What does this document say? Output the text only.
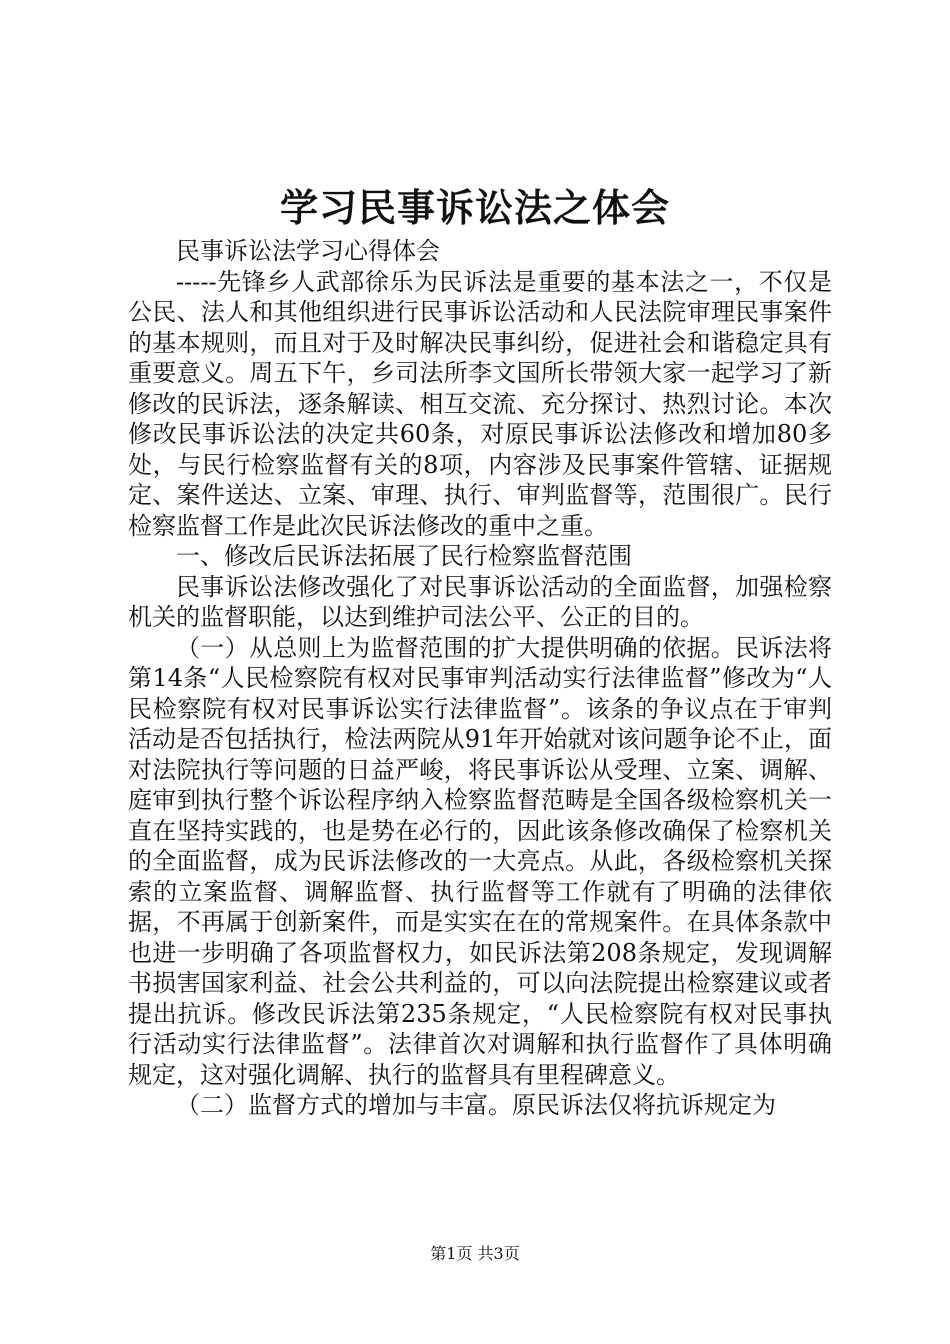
学习民事诉讼法之体会

民事诉讼法学习心得体会

-----先锋乡人武部徐乐为民诉法是重要的基本法之一，不仅是公民、法人和其他组织进行民事诉讼活动和人民法院审理民事案件的基本规则，而且对于及时解决民事纠纷，促进社会和谐稳定具有重要意义。周五下午，乡司法所李文国所长带领大家一起学习了新修改的民诉法，逐条解读、相互交流、充分探讨、热烈讨论。本次修改民事诉讼法的决定共60条，对原民事诉讼法修改和增加80多处，与民行检察监督有关的8项，内容涉及民事案件管辖、证据规定、案件送达、立案、审理、执行、审判监督等，范围很广。民行检察监督工作是此次民诉法修改的重中之重。

一、修改后民诉法拓展了民行检察监督范围

民事诉讼法修改强化了对民事诉讼活动的全面监督，加强检察机关的监督职能，以达到维护司法公平、公正的目的。

（一）从总则上为监督范围的扩大提供明确的依据。民诉法将第14条“人民检察院有权对民事审判活动实行法律监督”修改为“人民检察院有权对民事诉讼实行法律监督”。该条的争议点在于审判活动是否包括执行，检法两院从91年开始就对该问题争论不止，面对法院执行等问题的日益严峻，将民事诉讼从受理、立案、调解、庭审到执行整个诉讼程序纳入检察监督范畴是全国各级检察机关一直在坚持实践的，也是势在必行的，因此该条修改确保了检察机关的全面监督，成为民诉法修改的一大亮点。从此，各级检察机关探索的立案监督、调解监督、执行监督等工作就有了明确的法律依据，不再属于创新案件，而是实实在在的常规案件。在具体条款中也进一步明确了各项监督权力，如民诉法第208条规定，发现调解书损害国家利益、社会公共利益的，可以向法院提出检察建议或者提出抗诉。修改民诉法第235条规定，“人民检察院有权对民事执行活动实行法律监督”。法律首次对调解和执行监督作了具体明确规定，这对强化调解、执行的监督具有里程碑意义。

（二）监督方式的增加与丰富。原民诉法仅将抗诉规定为

第1页 共3页
